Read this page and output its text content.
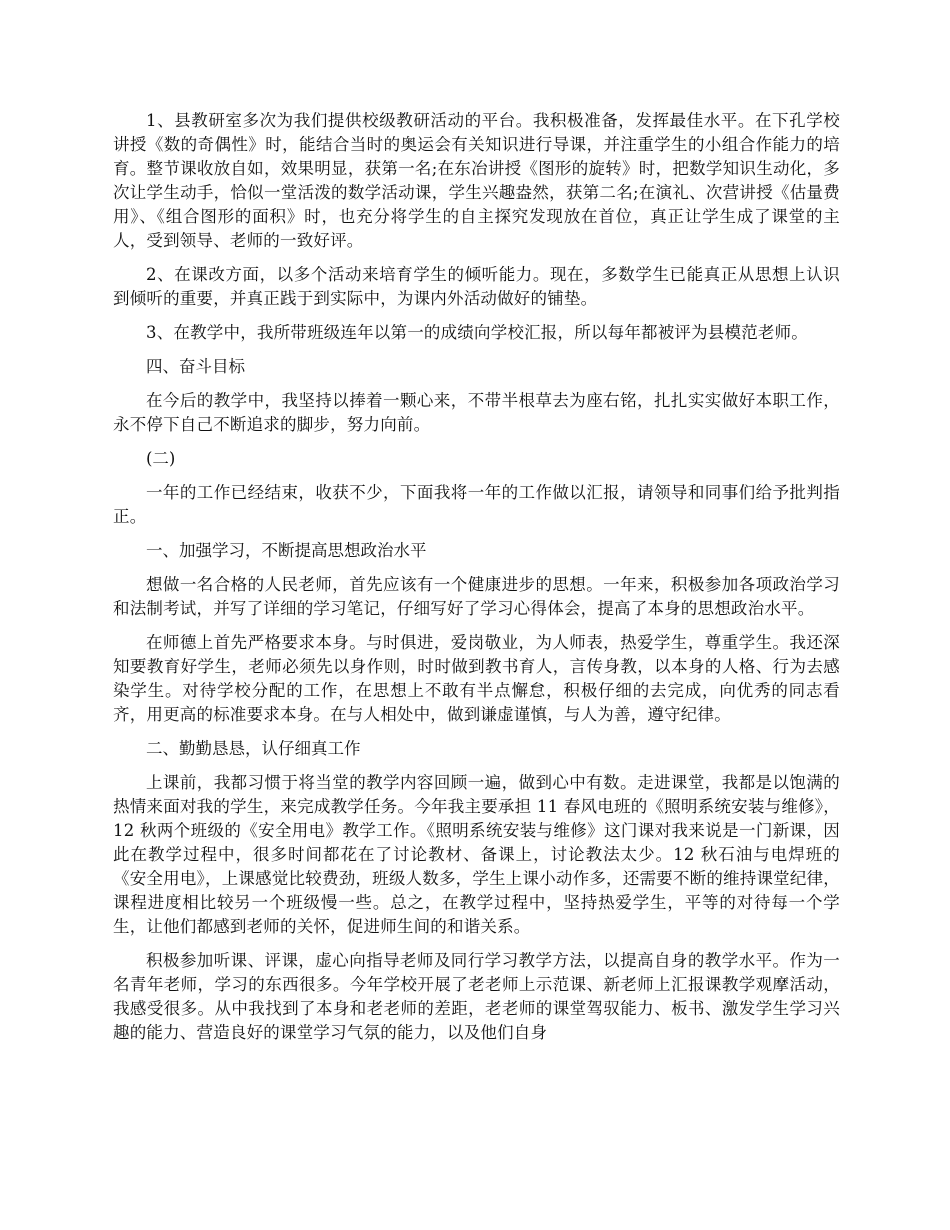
1、县教研室多次为我们提供校级教研活动的平台。我积极准备，发挥最佳水平。在下孔学校讲授《数的奇偶性》时，能结合当时的奥运会有关知识进行导课，并注重学生的小组合作能力的培育。整节课收放自如，效果明显，获第一名;在东冶讲授《图形的旋转》时，把数学知识生动化，多次让学生动手，恰似一堂活泼的数学活动课，学生兴趣盎然，获第二名;在演礼、次营讲授《估量费用》、《组合图形的面积》时，也充分将学生的自主探究发现放在首位，真正让学生成了课堂的主人，受到领导、老师的一致好评。

2、在课改方面，以多个活动来培育学生的倾听能力。现在，多数学生已能真正从思想上认识到倾听的重要，并真正践于到实际中，为课内外活动做好的铺垫。

3、在教学中，我所带班级连年以第一的成绩向学校汇报，所以每年都被评为县模范老师。

四、奋斗目标

在今后的教学中，我坚持以捧着一颗心来，不带半根草去为座右铭，扎扎实实做好本职工作，永不停下自己不断追求的脚步，努力向前。

(二)

一年的工作已经结束，收获不少，下面我将一年的工作做以汇报，请领导和同事们给予批判指正。

一、加强学习，不断提高思想政治水平

想做一名合格的人民老师，首先应该有一个健康进步的思想。一年来，积极参加各项政治学习和法制考试，并写了详细的学习笔记，仔细写好了学习心得体会，提高了本身的思想政治水平。

在师德上首先严格要求本身。与时俱进，爱岗敬业，为人师表，热爱学生，尊重学生。我还深知要教育好学生，老师必须先以身作则，时时做到教书育人，言传身教，以本身的人格、行为去感染学生。对待学校分配的工作，在思想上不敢有半点懈怠，积极仔细的去完成，向优秀的同志看齐，用更高的标准要求本身。在与人相处中，做到谦虚谨慎，与人为善，遵守纪律。

二、勤勤恳恳，认仔细真工作

上课前，我都习惯于将当堂的教学内容回顾一遍，做到心中有数。走进课堂，我都是以饱满的热情来面对我的学生，来完成教学任务。今年我主要承担 11 春风电班的《照明系统安装与维修》，12 秋两个班级的《安全用电》教学工作。《照明系统安装与维修》这门课对我来说是一门新课，因此在教学过程中，很多时间都花在了讨论教材、备课上，讨论教法太少。12 秋石油与电焊班的《安全用电》，上课感觉比较费劲，班级人数多，学生上课小动作多，还需要不断的维持课堂纪律，课程进度相比较另一个班级慢一些。总之，在教学过程中，坚持热爱学生，平等的对待每一个学生，让他们都感到老师的关怀，促进师生间的和谐关系。

积极参加听课、评课，虚心向指导老师及同行学习教学方法，以提高自身的教学水平。作为一名青年老师，学习的东西很多。今年学校开展了老老师上示范课、新老师上汇报课教学观摩活动，我感受很多。从中我找到了本身和老老师的差距，老老师的课堂驾驭能力、板书、激发学生学习兴趣的能力、营造良好的课堂学习气氛的能力，以及他们自身
